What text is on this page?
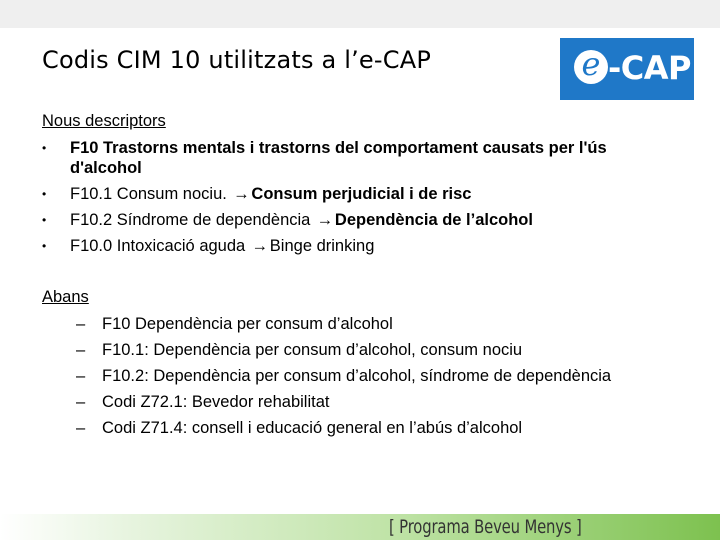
Codis CIM 10 utilitzats a l’e-CAP	e -CAP
Nous descriptors
•	F10 Trastorns mentals i trastorns del comportament causats per l'ús d'alcohol
•	F10.1 Consum nociu. → Consum perjudicial i de risc
•	F10.2 Síndrome de dependència → Dependència de l’alcohol
•	F10.0 Intoxicació aguda → Binge drinking
Abans
– F10 Dependència per consum d’alcohol
– F10.1: Dependència per consum d’alcohol, consum nociu
– F10.2: Dependència per consum d’alcohol, síndrome de dependència
– Codi Z72.1: Bevedor rehabilitat
– Codi Z71.4: consell i educació general en l’abús d’alcohol
[ Programa Beveu Menys ]
